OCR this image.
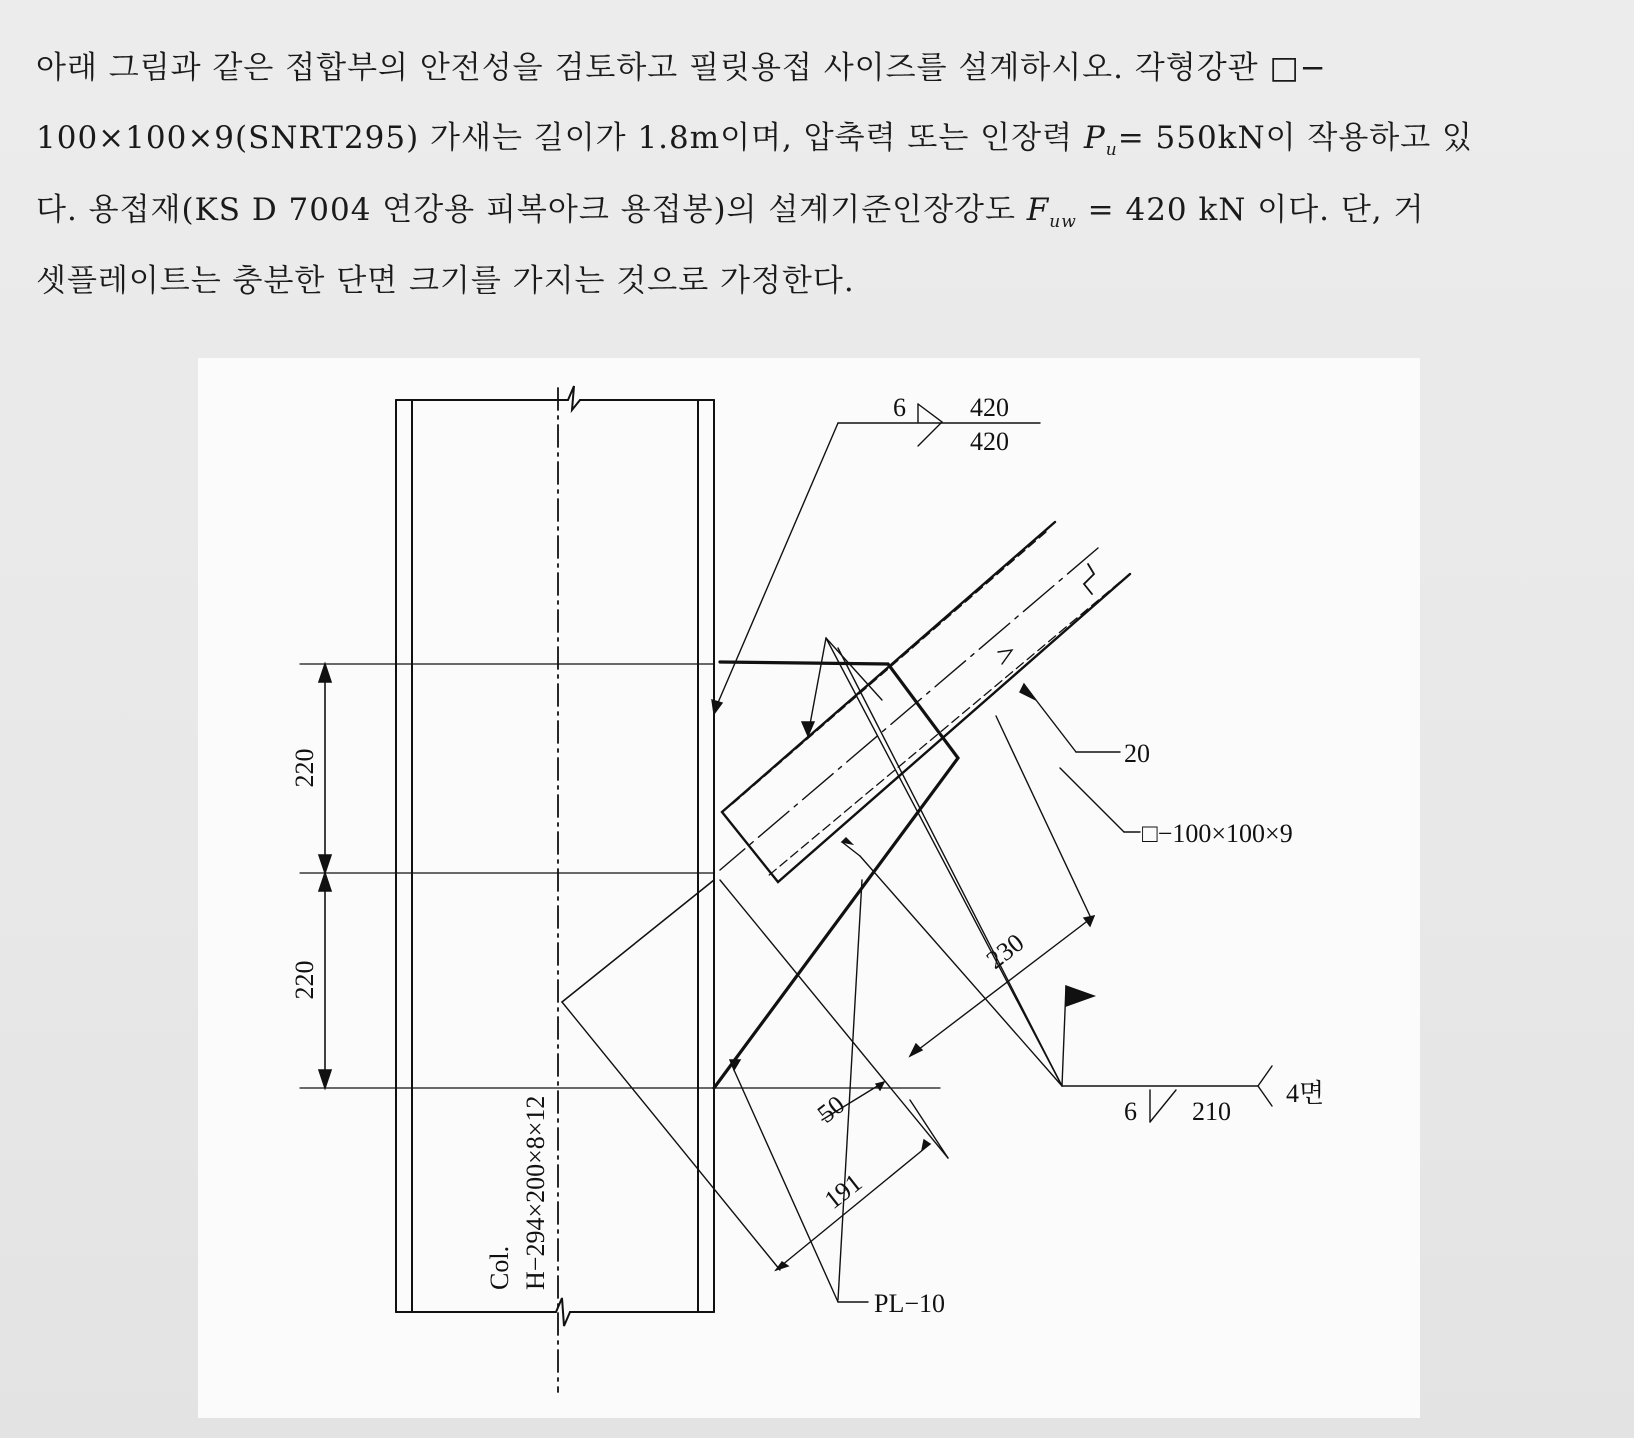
아래 그림과 같은 접합부의 안전성을 검토하고 필릿용접 사이즈를 설계하시오. 각형강관 □−
100×100×9(SNRT295) 가새는 길이가 1.8m이며, 압축력 또는 인장력 $P_u= 550kN$이 작용하고 있
다. 용접재(KS D 7004 연강용 피복아크 용접봉)의 설계기준인장강도 $F_{uw} = 420$ kN 이다. 단, 거
셋플레이트는 충분한 단면 크기를 가지는 것으로 가정한다.
6 420
420
220
220
20
□−100×100×9
230
50
191
6 210
4면
PL−10
Col. H−294×200×8×12
